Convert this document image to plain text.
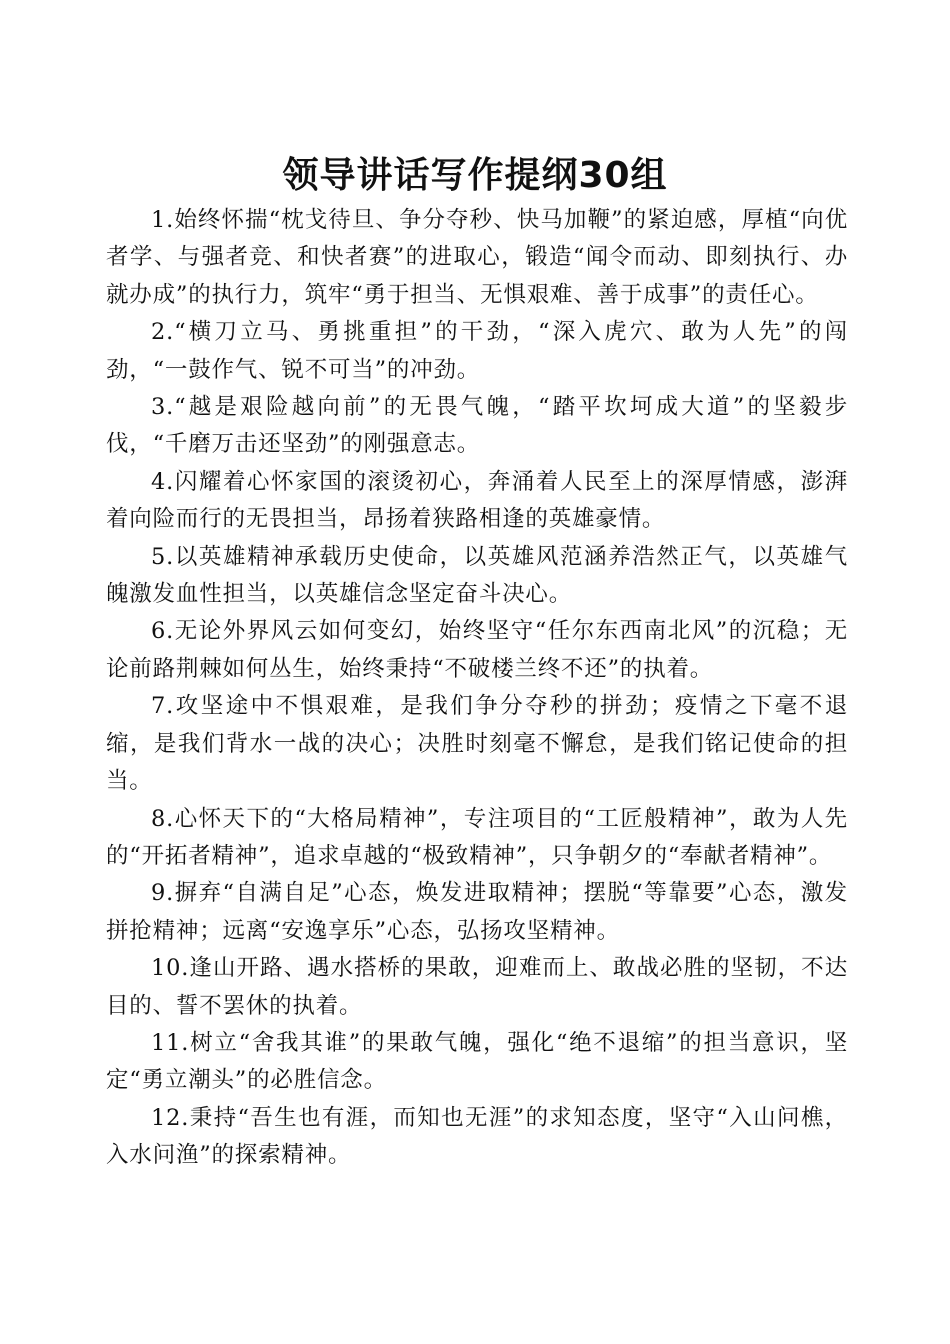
领导讲话写作提纲30组

1.始终怀揣“枕戈待旦、争分夺秒、快马加鞭”的紧迫感，厚植“向优者学、与强者竞、和快者赛”的进取心，锻造“闻令而动、即刻执行、办就办成”的执行力，筑牢“勇于担当、无惧艰难、善于成事”的责任心。

2.“横刀立马、勇挑重担”的干劲，“深入虎穴、敢为人先”的闯劲，“一鼓作气、锐不可当”的冲劲。

3.“越是艰险越向前”的无畏气魄，“踏平坎坷成大道”的坚毅步伐，“千磨万击还坚劲”的刚强意志。

4.闪耀着心怀家国的滚烫初心，奔涌着人民至上的深厚情感，澎湃着向险而行的无畏担当，昂扬着狭路相逢的英雄豪情。

5.以英雄精神承载历史使命，以英雄风范涵养浩然正气，以英雄气魄激发血性担当，以英雄信念坚定奋斗决心。

6.无论外界风云如何变幻，始终坚守“任尔东西南北风”的沉稳；无论前路荆棘如何丛生，始终秉持“不破楼兰终不还”的执着。

7.攻坚途中不惧艰难，是我们争分夺秒的拼劲；疫情之下毫不退缩，是我们背水一战的决心；决胜时刻毫不懈怠，是我们铭记使命的担当。

8.心怀天下的“大格局精神”，专注项目的“工匠般精神”，敢为人先的“开拓者精神”，追求卓越的“极致精神”，只争朝夕的“奉献者精神”。

9.摒弃“自满自足”心态，焕发进取精神；摆脱“等靠要”心态，激发拼抢精神；远离“安逸享乐”心态，弘扬攻坚精神。

10.逢山开路、遇水搭桥的果敢，迎难而上、敢战必胜的坚韧，不达目的、誓不罢休的执着。

11.树立“舍我其谁”的果敢气魄，强化“绝不退缩”的担当意识，坚定“勇立潮头”的必胜信念。

12.秉持“吾生也有涯，而知也无涯”的求知态度，坚守“入山问樵，入水问渔”的探索精神。
